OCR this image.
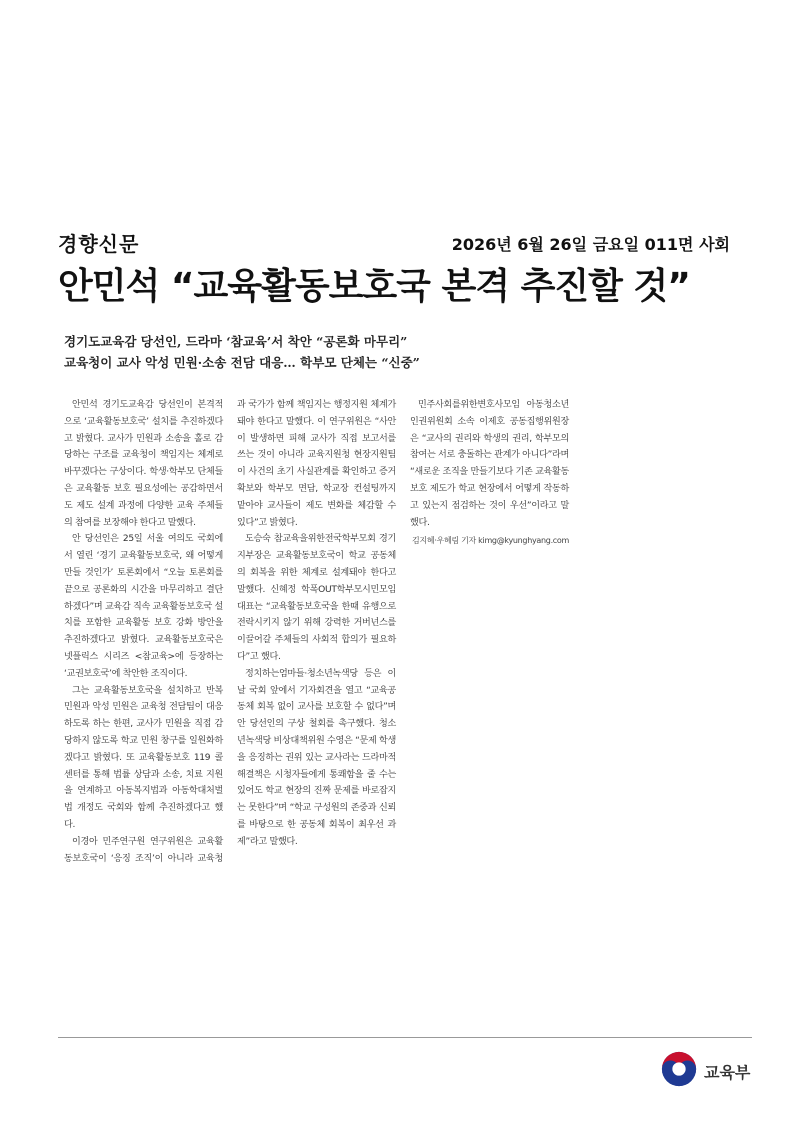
경향신문	2026년 6월 26일 금요일 011면 사회
안민석 “교육활동보호국 본격 추진할 것”
경기도교육감 당선인, 드라마 ‘참교육’서 착안 “공론화 마무리”
교육청이 교사 악성 민원·소송 전담 대응… 학부모 단체는 “신중”

안민석 경기도교육감 당선인이 본격적으로 ‘교육활동보호국’ 설치를 추진하겠다고 밝혔다. 교사가 민원과 소송을 홀로 감당하는 구조를 교육청이 책임지는 체계로 바꾸겠다는 구상이다. 학생·학부모 단체들은 교육활동 보호 필요성에는 공감하면서도 제도 설계 과정에 다양한 교육 주체들의 참여를 보장해야 한다고 말했다.

안 당선인은 25일 서울 여의도 국회에서 열린 ‘경기 교육활동보호국, 왜 어떻게 만들 것인가’ 토론회에서 “오늘 토론회를 끝으로 공론화의 시간을 마무리하고 결단하겠다”며 교육감 직속 교육활동보호국 설치를 포함한 교육활동 보호 강화 방안을 추진하겠다고 밝혔다. 교육활동보호국은 넷플릭스 시리즈 <참교육>에 등장하는 ‘교권보호국’에 착안한 조직이다.

그는 교육활동보호국을 설치하고 반복 민원과 악성 민원은 교육청 전담팀이 대응하도록 하는 한편, 교사가 민원을 직접 감당하지 않도록 학교 민원 창구를 일원화하겠다고 밝혔다. 또 교육활동보호 119 콜센터를 통해 법률 상담과 소송, 치료 지원을 연계하고 아동복지법과 아동학대처벌법 개정도 국회와 함께 추진하겠다고 했다.

이경아 민주연구원 연구위원은 교육활동보호국이 ‘응징 조직’이 아니라 교육청과 국가가 함께 책임지는 행정지원 체계가 돼야 한다고 말했다. 이 연구위원은 “사안이 발생하면 피해 교사가 직접 보고서를 쓰는 것이 아니라 교육지원청 현장지원팀이 사건의 초기 사실관계를 확인하고 증거 확보와 학부모 면담, 학교장 컨설팅까지 맡아야 교사들이 제도 변화를 체감할 수 있다”고 밝혔다.

도승숙 참교육을위한전국학부모회 경기지부장은 교육활동보호국이 학교 공동체의 회복을 위한 체계로 설계돼야 한다고 말했다. 신혜정 학폭OUT학부모시민모임 대표는 “교육활동보호국을 한때 유행으로 전락시키지 않기 위해 강력한 거버넌스를 이끌어갈 주체들의 사회적 합의가 필요하다”고 했다.

정치하는엄마들·청소년녹색당 등은 이날 국회 앞에서 기자회견을 열고 “교육공동체 회복 없이 교사를 보호할 수 없다”며 안 당선인의 구상 철회를 촉구했다. 청소년녹색당 비상대책위원 수영은 “문제 학생을 응징하는 권위 있는 교사라는 드라마적 해결책은 시청자들에게 통쾌함을 줄 수는 있어도 학교 현장의 진짜 문제를 바로잡지는 못한다”며 “학교 구성원의 존중과 신뢰를 바탕으로 한 공동체 회복이 최우선 과제”라고 말했다.

민주사회를위한변호사모임 아동청소년인권위원회 소속 이제호 공동집행위원장은 “교사의 권리와 학생의 권리, 학부모의 참여는 서로 충돌하는 관계가 아니다”라며 “새로운 조직을 만들기보다 기존 교육활동 보호 제도가 학교 현장에서 어떻게 작동하고 있는지 점검하는 것이 우선”이라고 말했다.

김지혜·우혜림 기자 kimg@kyunghyang.com
교육부
